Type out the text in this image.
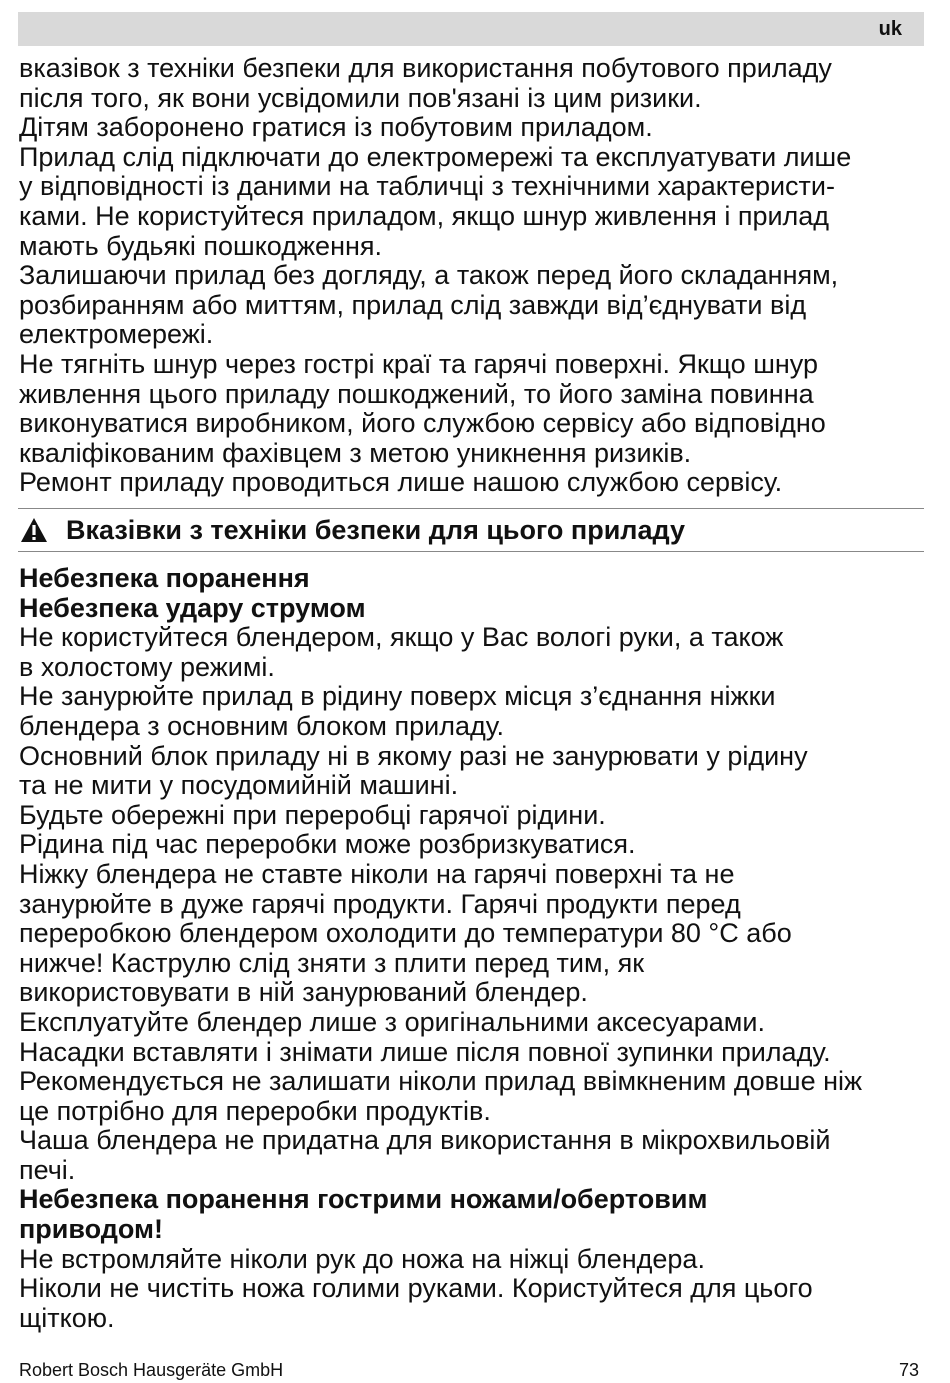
uk

вказівок з техніки безпеки для використання побутового приладу
після того, як вони усвідомили пов'язані із цим ризики.

Дітям заборонено гратися із побутовим приладом.

Прилад слід підключати до електромережі та експлуатувати лише
у відповідності із даними на табличці з технічними характеристи-
ками. Не користуйтеся приладом, якщо шнур живлення і прилад
мають будьякі пошкодження.

Залишаючи прилад без догляду, а також перед його складанням,
розбиранням або миттям, прилад слід завжди від’єднувати від
електромережі.

Не тягніть шнур через гострі краї та гарячі поверхні. Якщо шнур
живлення цього приладу пошкоджений, то його заміна повинна
виконуватися виробником, його службою сервісу або відповідно
кваліфікованим фахівцем з метою уникнення ризиків.

Ремонт приладу проводиться лише нашою службою сервісу.

Вказівки з техніки безпеки для цього приладу

Небезпека поранення

Небезпека удару струмом

Не користуйтеся блендером, якщо у Вас вологі руки, а також
в холостому режимі.

Не занурюйте прилад в рідину поверх місця з’єднання ніжки
блендера з основним блоком приладу.

Основний блок приладу ні в якому разі не занурювати у рідину
та не мити у посудомийній машині.

Будьте обережні при переробці гарячої рідини.

Рідина під час переробки може розбризкуватися.

Ніжку блендера не ставте ніколи на гарячі поверхні та не
занурюйте в дуже гарячі продукти. Гарячі продукти перед
переробкою блендером охолодити до температури 80 °C або
нижче! Каструлю слід зняти з плити перед тим, як
використовувати в ній занурюваний блендер.

Експлуатуйте блендер лише з оригінальними аксесуарами.

Насадки вставляти і знімати лише після повної зупинки приладу.

Рекомендується не залишати ніколи прилад ввімкненим довше ніж
це потрібно для переробки продуктів.

Чаша блендера не придатна для використання в мікрохвильовій
печі.

Небезпека поранення гострими ножами/обертовим
приводом!

Не встромляйте ніколи рук до ножа на ніжці блендера.

Ніколи не чистіть ножа голими руками. Користуйтеся для цього
щіткою.

Robert Bosch Hausgeräte GmbH	73
